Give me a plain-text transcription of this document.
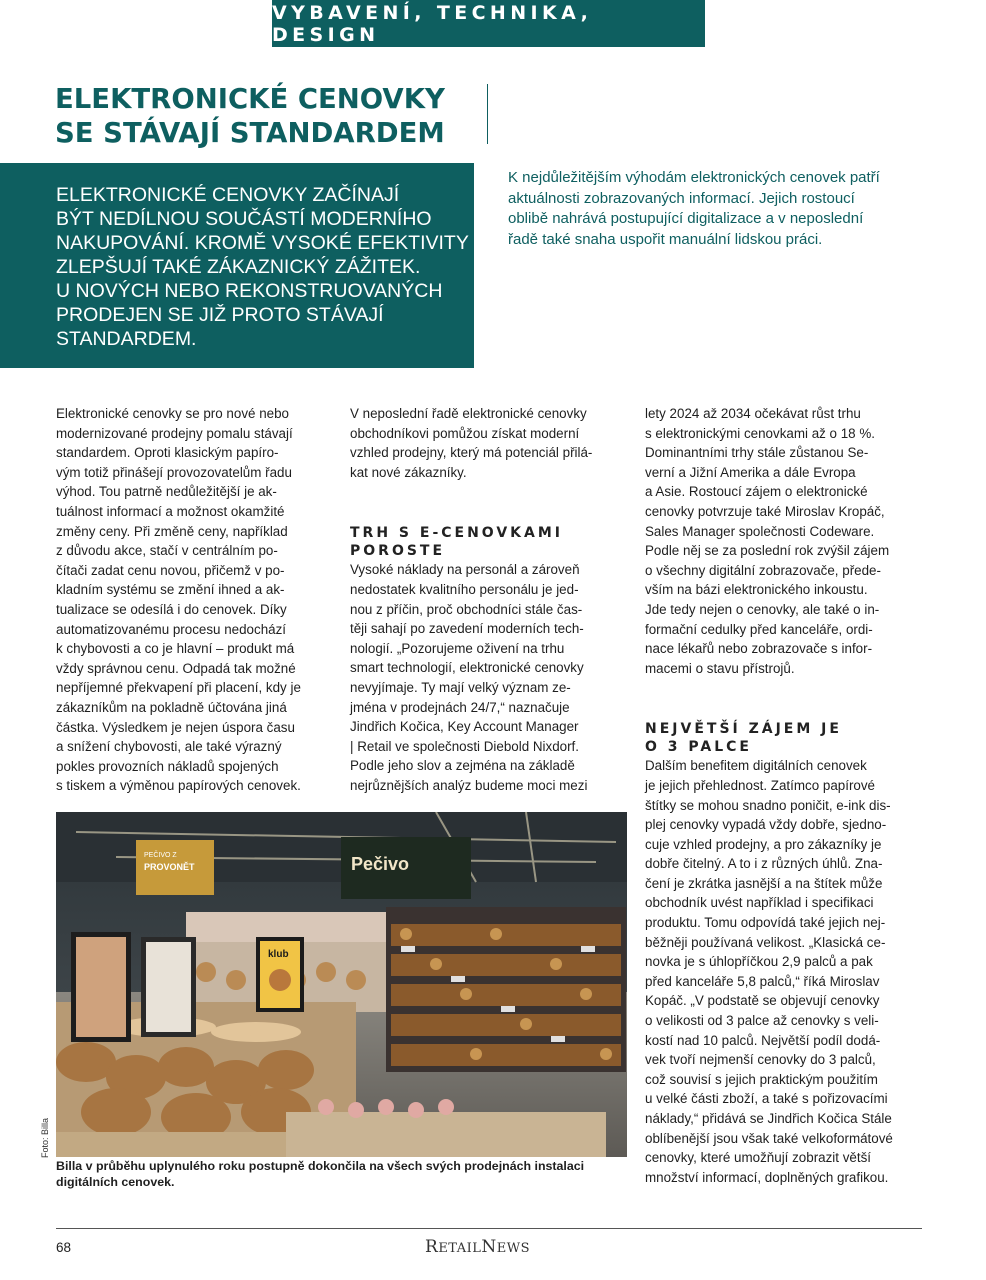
VYBAVENÍ, TECHNIKA, DESIGN
ELEKTRONICKÉ CENOVKY
SE STÁVAJÍ STANDARDEM
ELEKTRONICKÉ CENOVKY ZAČÍNAJÍ
BÝT NEDÍLNOU SOUČÁSTÍ MODERNÍHO
NAKUPOVÁNÍ. KROMĚ VYSOKÉ EFEKTIVITY
ZLEPŠUJÍ TAKÉ ZÁKAZNICKÝ ZÁŽITEK.
U NOVÝCH NEBO REKONSTRUOVANÝCH
PRODEJEN SE JIŽ PROTO STÁVAJÍ
STANDARDEM.
K nejdůležitějším výhodám elektronických cenovek patří
aktuálnosti zobrazovaných informací. Jejich rostoucí
oblibě nahrává postupující digitalizace a v neposlední
řadě také snaha uspořit manuální lidskou práci.
Elektronické cenovky se pro nové nebo
modernizované prodejny pomalu stávají
standardem. Oproti klasickým papíro-
vým totiž přinášejí provozovatelům řadu
výhod. Tou patrně nedůležitější je ak-
tuálnost informací a možnost okamžité
změny ceny. Při změně ceny, například
z důvodu akce, stačí v centrálním po-
čítači zadat cenu novou, přičemž v po-
kladním systému se změní ihned a ak-
tualizace se odesílá i do cenovek. Díky
automatizovanému procesu nedochází
k chybovosti a co je hlavní – produkt má
vždy správnou cenu. Odpadá tak možné
nepříjemné překvapení při placení, kdy je
zákazníkům na pokladně účtována jiná
částka. Výsledkem je nejen úspora času
a snížení chybovosti, ale také výrazný
pokles provozních nákladů spojených
s tiskem a výměnou papírových cenovek.
V neposlední řadě elektronické cenovky
obchodníkovi pomůžou získat moderní
vzhled prodejny, který má potenciál přilá-
kat nové zákazníky.
TRH S E-CENOVKAMI
POROSTE
Vysoké náklady na personál a zároveň
nedostatek kvalitního personálu je jed-
nou z příčin, proč obchodníci stále čas-
těji sahají po zavedení moderních tech-
nologií. „Pozorujeme oživení na trhu
smart technologií, elektronické cenovky
nevyjímaje. Ty mají velký význam ze-
jména v prodejnách 24/7,“ naznačuje
Jindřich Kočica, Key Account Manager
| Retail ve společnosti Diebold Nixdorf.
Podle jeho slov a zejména na základě
nejrůznějších analýz budeme moci mezi
lety 2024 až 2034 očekávat růst trhu
s elektronickými cenovkami až o 18 %.
Dominantními trhy stále zůstanou Se-
verní a Jižní Amerika a dále Evropa
a Asie. Rostoucí zájem o elektronické
cenovky potvrzuje také Miroslav Kropáč,
Sales Manager společnosti Codeware.
Podle něj se za poslední rok zvýšil zájem
o všechny digitální zobrazovače, přede-
vším na bázi elektronického inkoustu.
Jde tedy nejen o cenovky, ale také o in-
formační cedulky před kanceláře, ordi-
nace lékařů nebo zobrazovače s infor-
macemi o stavu přístrojů.
NEJVĚTŠÍ ZÁJEM JE
O 3 PALCE
Dalším benefitem digitálních cenovek
je jejich přehlednost. Zatímco papírové
štítky se mohou snadno poničit, e-ink dis-
plej cenovky vypadá vždy dobře, sjedno-
cuje vzhled prodejny, a pro zákazníky je
dobře čitelný. A to i z různých úhlů. Zna-
čení je zkrátka jasnější a na štítek může
obchodník uvést například i specifikaci
produktu. Tomu odpovídá také jejich nej-
běžněji používaná velikost. „Klasická ce-
novka je s úhlopříčkou 2,9 palců a pak
před kanceláře 5,8 palců,“ říká Miroslav
Kopáč. „V podstatě se objevují cenovky
o velikosti od 3 palce až cenovky s veli-
kostí nad 10 palců. Největší podíl dodá-
vek tvoří nejmenší cenovky do 3 palců,
což souvisí s jejich praktickým použitím
u velké části zboží, a také s pořizovacími
náklady,“ přidává se Jindřich Kočica Stále
oblíbenější jsou však také velkoformátové
cenovky, které umožňují zobrazit větší
množství informací, doplněných grafikou.
Pečivo
PEČIVO Z
PROVONĚT
klub
Foto: Billa
Billa v průběhu uplynulého roku postupně dokončila na všech svých prodejnách instalaci
digitálních cenovek.
68	RETAILNEWS
